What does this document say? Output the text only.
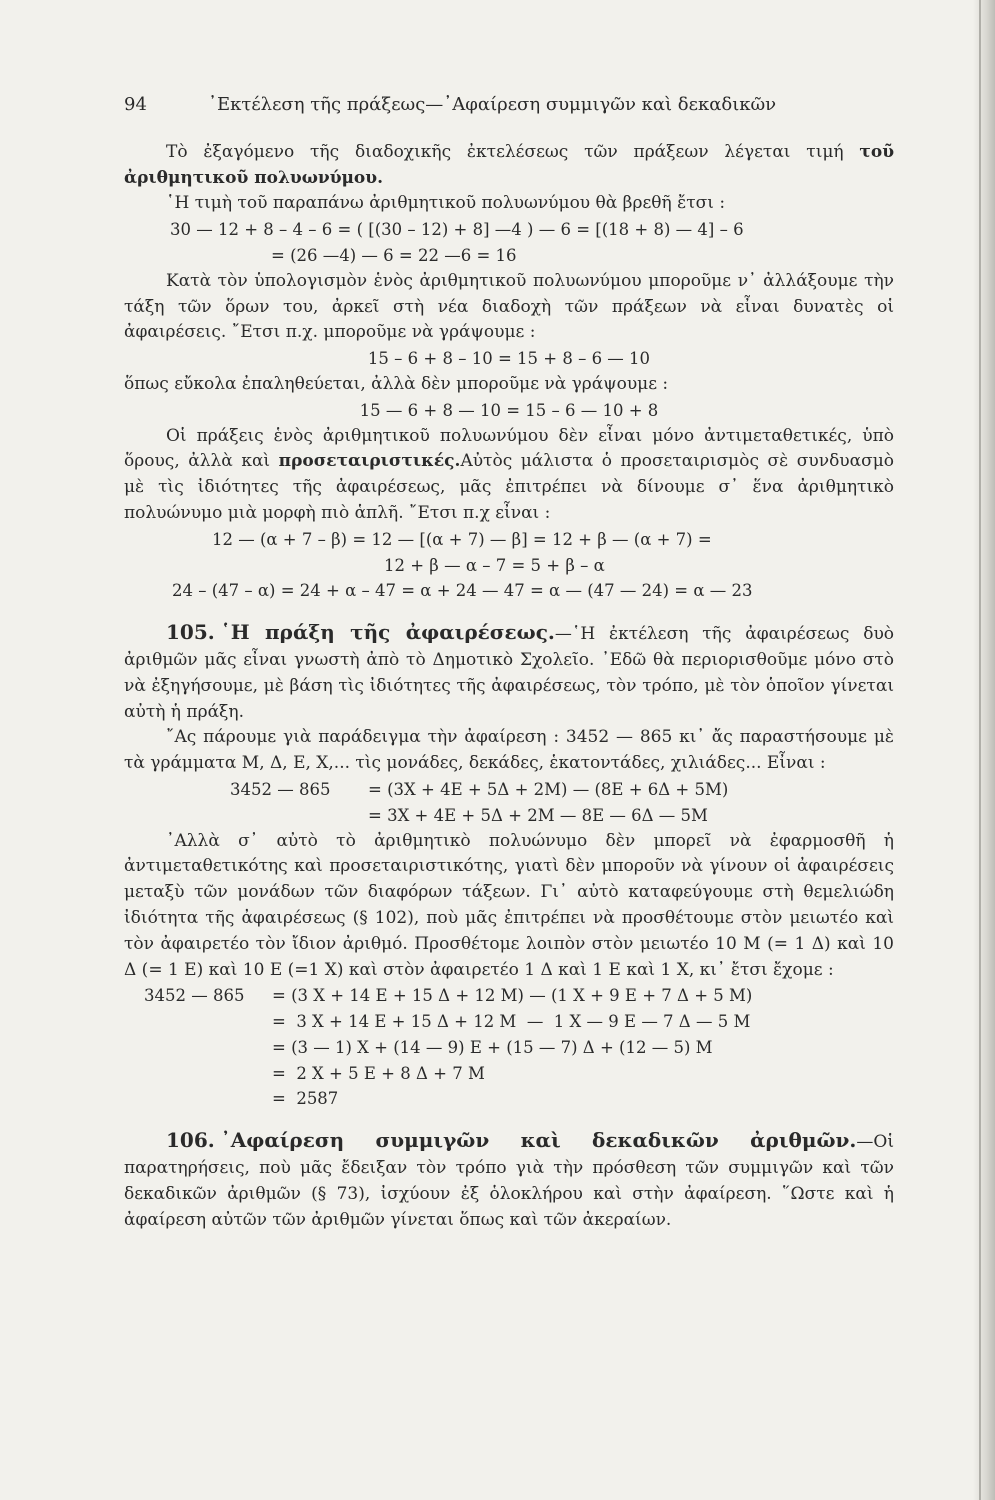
94	᾿Εκτέλεση τῆς πράξεως—᾿Αφαίρεση συμμιγῶν καὶ δεκαδικῶν

Τὸ ἐξαγόμενο τῆς διαδοχικῆς ἐκτελέσεως τῶν πράξεων λέγεται τιμή τοῦ ἀριθμητικοῦ πολυωνύμου.

῾Η τιμὴ τοῦ παραπάνω ἀριθμητικοῦ πολυωνύμου θὰ βρεθῆ ἔτσι :

30 — 12 + 8 – 4 – 6 = ( [(30 – 12) + 8] —4 ) — 6 = [(18 + 8) — 4] – 6
= (26 —4) — 6 = 22 —6 = 16

Κατὰ τὸν ὑπολογισμὸν ἑνὸς ἀριθμητικοῦ πολυωνύμου μποροῦμε ν᾿ ἀλλάξουμε τὴν τάξη τῶν ὅρων του, ἀρκεῖ στὴ νέα διαδοχὴ τῶν πράξεων νὰ εἶναι δυνατὲς οἱ ἀφαιρέσεις. ῎Ετσι π.χ. μποροῦμε νὰ γράψουμε :

15 – 6 + 8 – 10 = 15 + 8 – 6 — 10

ὅπως εὔκολα ἐπαληθεύεται, ἀλλὰ δὲν μποροῦμε νὰ γράψουμε :

15 — 6 + 8 — 10 = 15 – 6 — 10 + 8

Οἱ πράξεις ἑνὸς ἀριθμητικοῦ πολυωνύμου δὲν εἶναι μόνο ἀντιμεταθετικές, ὑπὸ ὅρους, ἀλλὰ καὶ προσεταιριστικές.Αὐτὸς μάλιστα ὁ προσεταιρισμὸς σὲ συνδυασμὸ μὲ τὶς ἰδιότητες τῆς ἀφαιρέσεως, μᾶς ἐπιτρέπει νὰ δίνουμε σ᾿ ἕνα ἀριθμητικὸ πολυώνυμο μιὰ μορφὴ πιὸ ἁπλῆ. ῎Ετσι π.χ εἶναι :

12 — (α + 7 – β) = 12 — [(α + 7) — β] = 12 + β — (α + 7) =
12 + β — α – 7 = 5 + β – α
24 – (47 – α) = 24 + α – 47 = α + 24 — 47 = α — (47 — 24) = α — 23

105. ῾Η πράξη τῆς ἀφαιρέσεως.—῾Η ἐκτέλεση τῆς ἀφαιρέσεως δυὸ ἀριθμῶν μᾶς εἶναι γνωστὴ ἀπὸ τὸ Δημοτικὸ Σχολεῖο. ᾿Εδῶ θὰ περιορισθοῦμε μόνο στὸ νὰ ἐξηγήσουμε, μὲ βάση τὶς ἰδιότητες τῆς ἀφαιρέσεως, τὸν τρόπο, μὲ τὸν ὁποῖον γίνεται αὐτὴ ἡ πράξη.

῎Ας πάρουμε γιὰ παράδειγμα τὴν ἀφαίρεση : 3452 — 865 κι᾿ ἄς παραστήσουμε μὲ τὰ γράμματα Μ, Δ, Ε, Χ,... τὶς μονάδες, δεκάδες, ἑκατοντάδες, χιλιάδες... Εἶναι :

3452 — 865	= (3Χ + 4Ε + 5Δ + 2Μ) — (8Ε + 6Δ + 5Μ)
= 3Χ + 4Ε + 5Δ + 2Μ — 8Ε — 6Δ — 5Μ

᾿Αλλὰ σ᾿ αὐτὸ τὸ ἀριθμητικὸ πολυώνυμο δὲν μπορεῖ νὰ ἐφαρμοσθῆ ἡ ἀντιμεταθετικότης καὶ προσεταιριστικότης, γιατὶ δὲν μποροῦν νὰ γίνουν οἱ ἀφαιρέσεις μεταξὺ τῶν μονάδων τῶν διαφόρων τάξεων. Γι᾿ αὐτὸ καταφεύγουμε στὴ θεμελιώδη ἰδιότητα τῆς ἀφαιρέσεως (§ 102), ποὺ μᾶς ἐπιτρέπει νὰ προσθέτουμε στὸν μειωτέο καὶ τὸν ἀφαιρετέο τὸν ἴδιον ἀριθμό. Προσθέτομε λοιπὸν στὸν μειωτέο 10 Μ (= 1 Δ) καὶ 10 Δ (= 1 Ε) καὶ 10 Ε (=1 Χ) καὶ στὸν ἀφαιρετέο 1 Δ καὶ 1 Ε καὶ 1 Χ, κι᾿ ἔτσι ἔχομε :

3452 — 865	= (3 Χ + 14 Ε + 15 Δ + 12 Μ) — (1 Χ + 9 Ε + 7 Δ + 5 Μ)
=  3 Χ + 14 Ε + 15 Δ + 12 Μ  —  1 Χ — 9 Ε — 7 Δ — 5 Μ
= (3 — 1) Χ + (14 — 9) Ε + (15 — 7) Δ + (12 — 5) Μ
=  2 Χ + 5 Ε + 8 Δ + 7 Μ
=  2587

106. ᾿Αφαίρεση συμμιγῶν καὶ δεκαδικῶν ἀριθμῶν.—Οἱ παρατηρήσεις, ποὺ μᾶς ἔδειξαν τὸν τρόπο γιὰ τὴν πρόσθεση τῶν συμμιγῶν καὶ τῶν δεκαδικῶν ἀριθμῶν (§ 73), ἰσχύουν ἐξ ὁλοκλήρου καὶ στὴν ἀφαίρεση. ῞Ωστε καὶ ἡ ἀφαίρεση αὐτῶν τῶν ἀριθμῶν γίνεται ὅπως καὶ τῶν ἀκεραίων.
